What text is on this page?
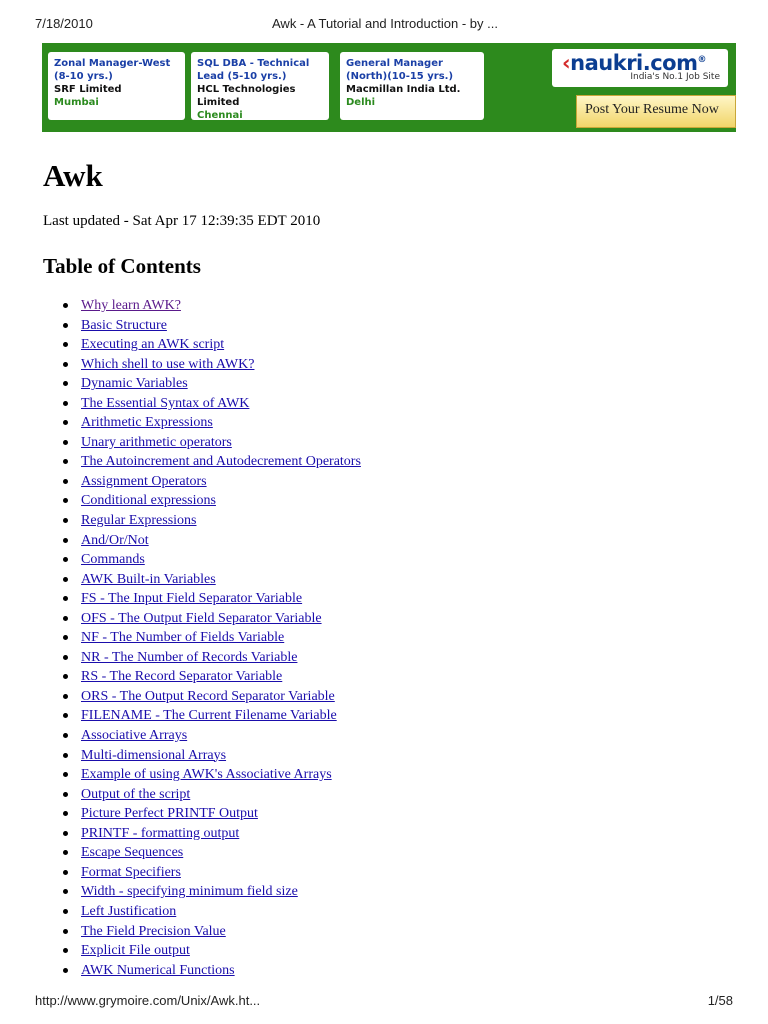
7/18/2010	Awk - A Tutorial and Introduction - by ...
Zonal Manager-West (8-10 yrs.)
SRF Limited
Mumbai
SQL DBA - Technical Lead (5-10 yrs.)
HCL Technologies Limited
Chennai
General Manager (North)(10-15 yrs.)
Macmillan India Ltd.
Delhi
‹naukri.com®
India's No.1 Job Site
Post Your Resume Now
Awk
Last updated - Sat Apr 17 12:39:35 EDT 2010
Table of Contents
Why learn AWK?
Basic Structure
Executing an AWK script
Which shell to use with AWK?
Dynamic Variables
The Essential Syntax of AWK
Arithmetic Expressions
Unary arithmetic operators
The Autoincrement and Autodecrement Operators
Assignment Operators
Conditional expressions
Regular Expressions
And/Or/Not
Commands
AWK Built-in Variables
FS - The Input Field Separator Variable
OFS - The Output Field Separator Variable
NF - The Number of Fields Variable
NR - The Number of Records Variable
RS - The Record Separator Variable
ORS - The Output Record Separator Variable
FILENAME - The Current Filename Variable
Associative Arrays
Multi-dimensional Arrays
Example of using AWK's Associative Arrays
Output of the script
Picture Perfect PRINTF Output
PRINTF - formatting output
Escape Sequences
Format Specifiers
Width - specifying minimum field size
Left Justification
The Field Precision Value
Explicit File output
AWK Numerical Functions
http://www.grymoire.com/Unix/Awk.ht...	1/58
